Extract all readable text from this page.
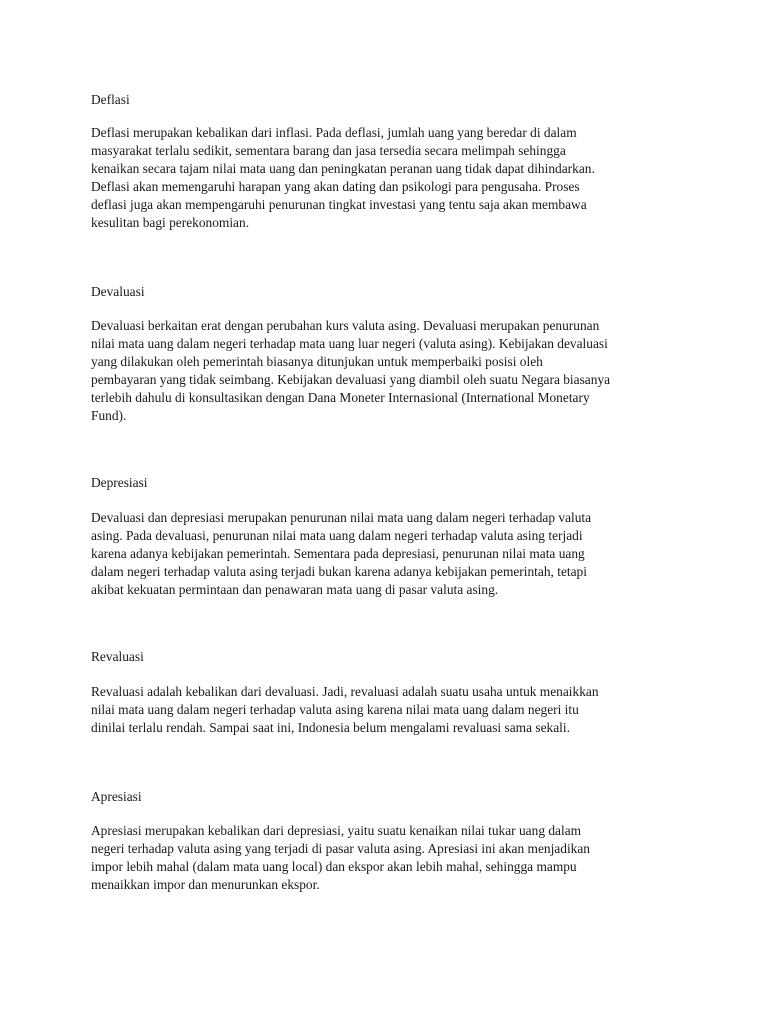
Deflasi
Deflasi merupakan kebalikan dari inflasi. Pada deflasi, jumlah uang yang beredar di dalam
masyarakat terlalu sedikit, sementara barang dan jasa tersedia secara melimpah sehingga
kenaikan secara tajam nilai mata uang dan peningkatan peranan uang tidak dapat dihindarkan.
Deflasi akan memengaruhi harapan yang akan dating dan psikologi para pengusaha. Proses
deflasi juga akan mempengaruhi penurunan tingkat investasi yang tentu saja akan membawa
kesulitan bagi perekonomian.
Devaluasi
Devaluasi berkaitan erat dengan perubahan kurs valuta asing. Devaluasi merupakan penurunan
nilai mata uang dalam negeri terhadap mata uang luar negeri (valuta asing). Kebijakan devaluasi
yang dilakukan oleh pemerintah biasanya ditunjukan untuk memperbaiki posisi oleh
pembayaran yang tidak seimbang. Kebijakan devaluasi yang diambil oleh suatu Negara biasanya
terlebih dahulu di konsultasikan dengan Dana Moneter Internasional (International Monetary
Fund).
Depresiasi
Devaluasi dan depresiasi merupakan penurunan nilai mata uang dalam negeri terhadap valuta
asing. Pada devaluasi, penurunan nilai mata uang dalam negeri terhadap valuta asing terjadi
karena adanya kebijakan pemerintah. Sementara pada depresiasi, penurunan nilai mata uang
dalam negeri terhadap valuta asing terjadi bukan karena adanya kebijakan pemerintah, tetapi
akibat kekuatan permintaan dan penawaran mata uang di pasar valuta asing.
Revaluasi
Revaluasi adalah kebalikan dari devaluasi. Jadi, revaluasi adalah suatu usaha untuk menaikkan
nilai mata uang dalam negeri terhadap valuta asing karena nilai mata uang dalam negeri itu
dinilai terlalu rendah. Sampai saat ini, Indonesia belum mengalami revaluasi sama sekali.
Apresiasi
Apresiasi merupakan kebalikan dari depresiasi, yaitu suatu kenaikan nilai tukar uang dalam
negeri terhadap valuta asing yang terjadi di pasar valuta asing. Apresiasi ini akan menjadikan
impor lebih mahal (dalam mata uang local) dan ekspor akan lebih mahal, sehingga mampu
menaikkan impor dan menurunkan ekspor.
